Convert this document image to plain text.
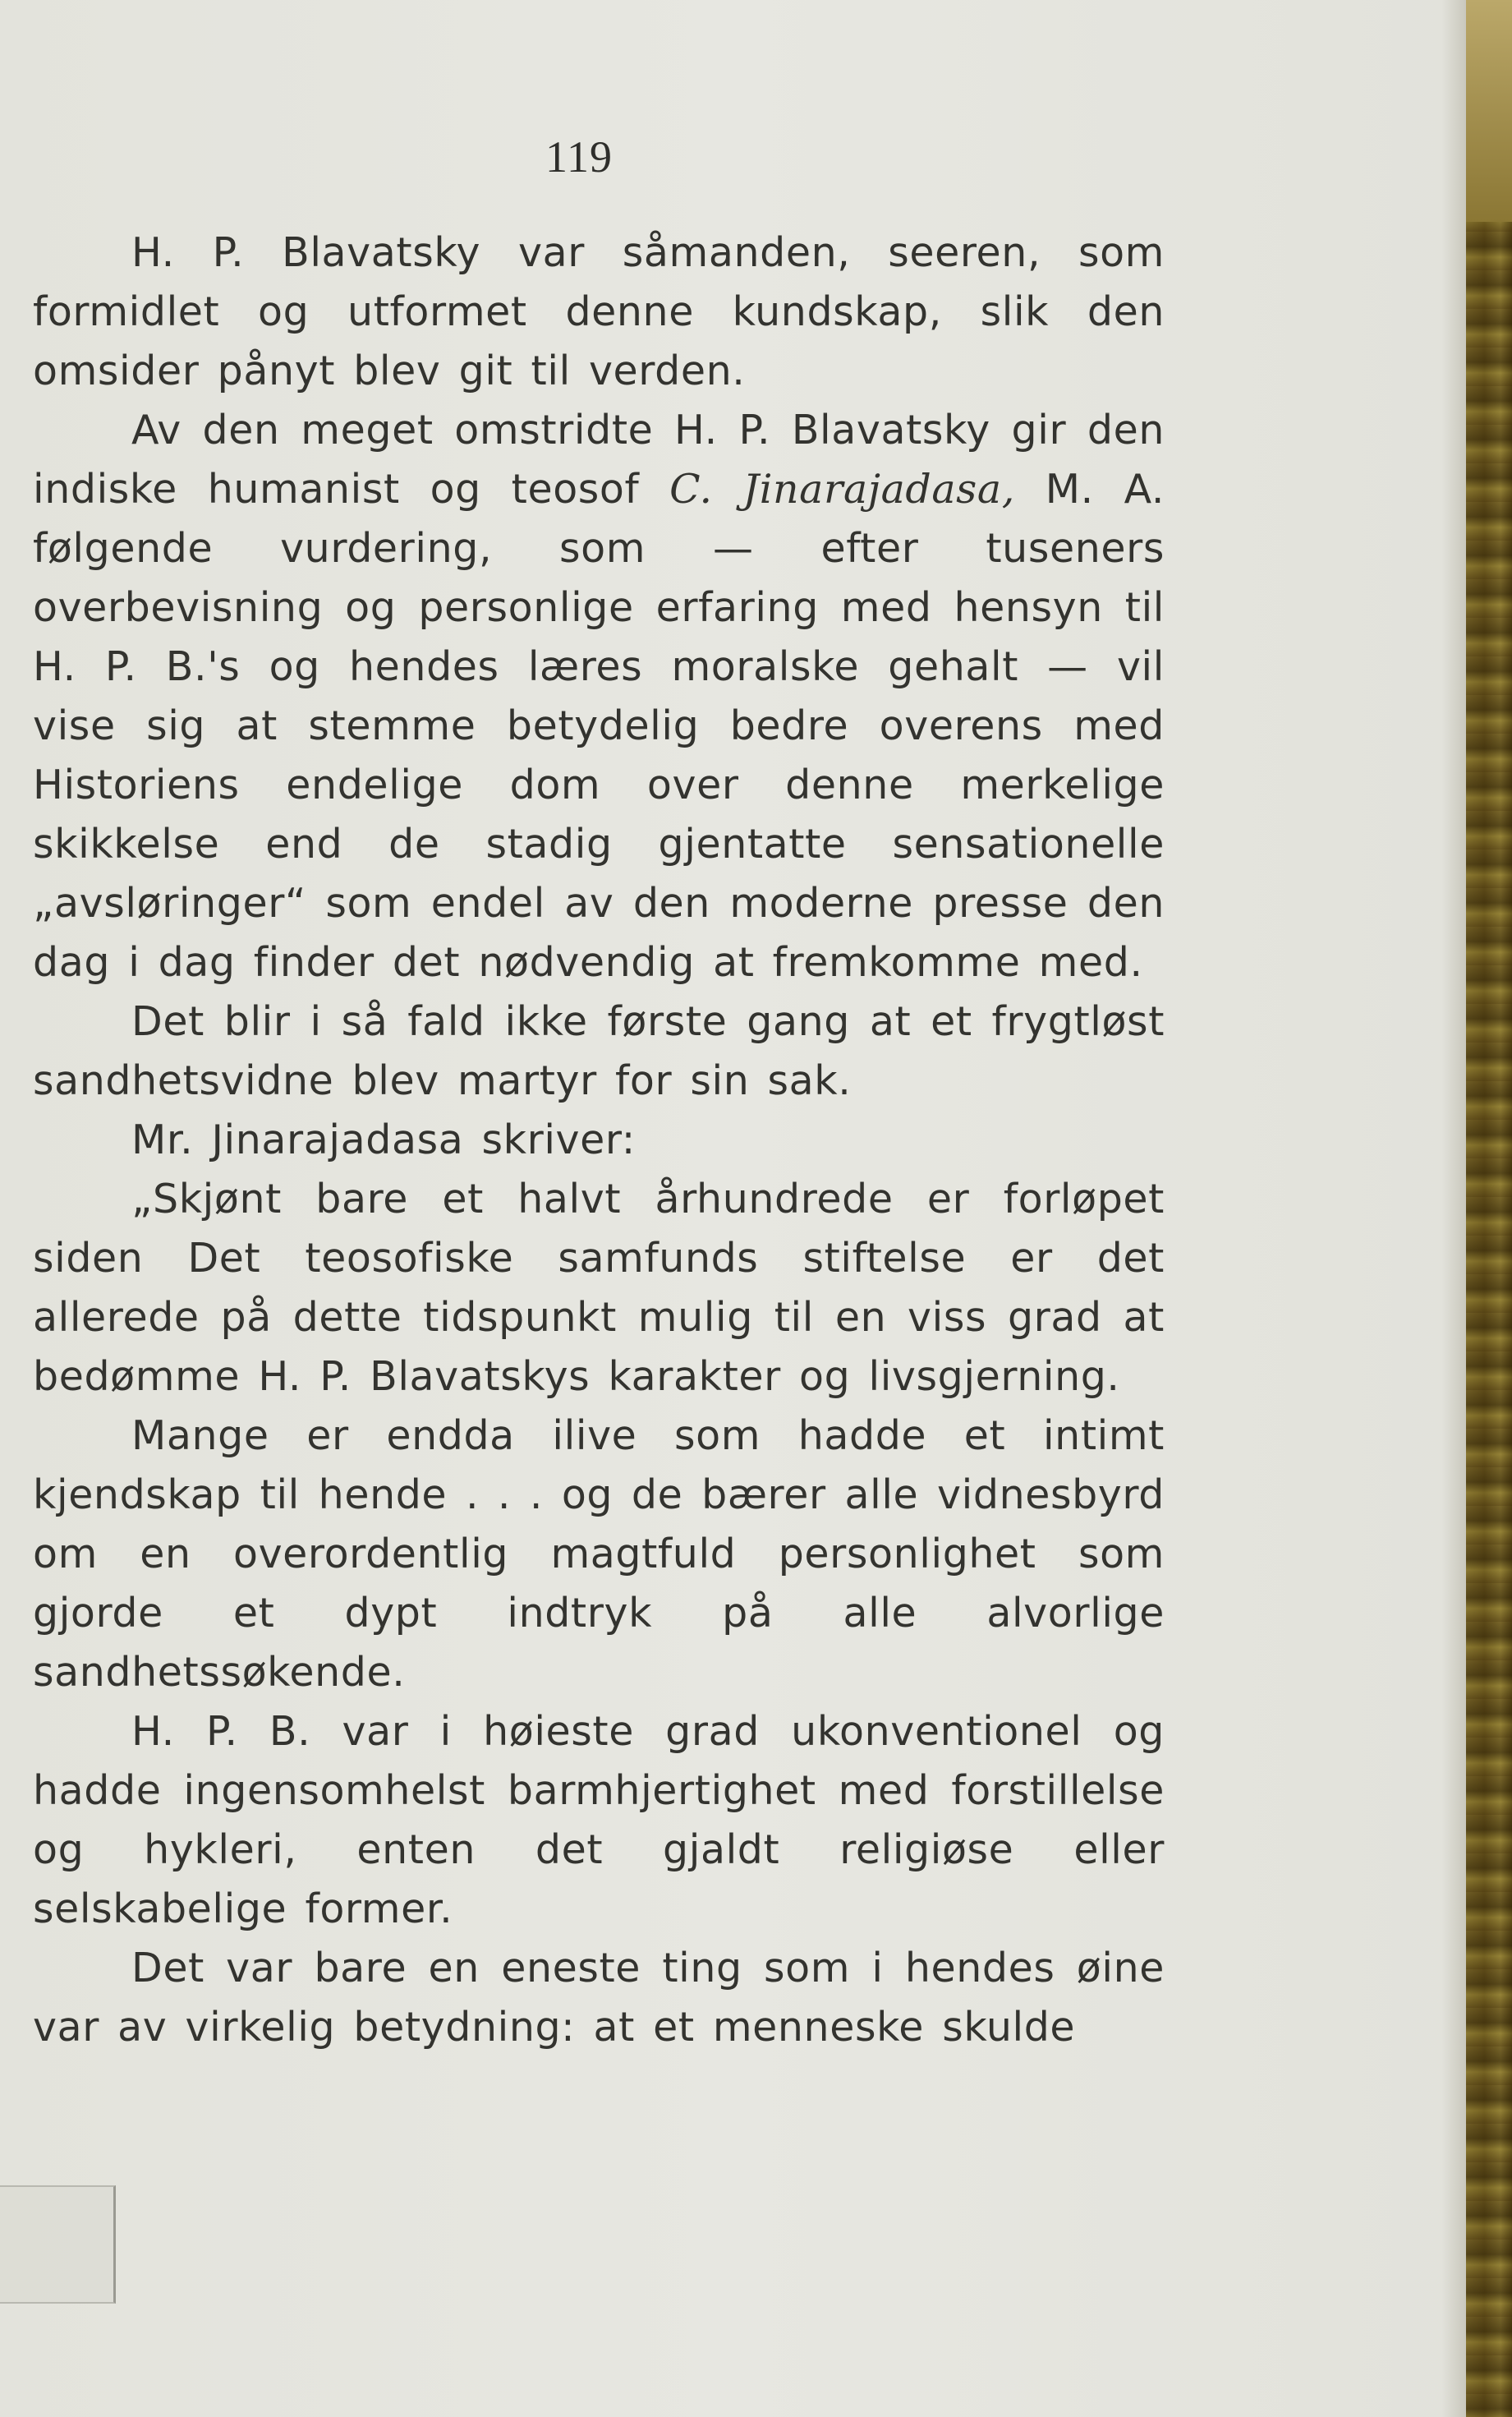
119

H. P. Blavatsky var såmanden, seeren, som formidlet og utformet denne kundskap, slik den omsider pånyt blev git til verden.

Av den meget omstridte H. P. Blavatsky gir den indiske humanist og teosof C. Jinarajadasa, M. A. følgende vurdering, som — efter tuseners overbevisning og personlige erfaring med hensyn til H. P. B.'s og hendes læres moralske gehalt — vil vise sig at stemme betydelig bedre overens med Historiens endelige dom over denne merkelige skikkelse end de stadig gjentatte sensationelle „avsløringer“ som endel av den moderne presse den dag i dag finder det nødvendig at fremkomme med.

Det blir i så fald ikke første gang at et frygtløst sandhetsvidne blev martyr for sin sak.

Mr. Jinarajadasa skriver:

„Skjønt bare et halvt århundrede er forløpet siden Det teosofiske samfunds stiftelse er det allerede på dette tidspunkt mulig til en viss grad at bedømme H. P. Blavatskys karakter og livsgjerning.

Mange er endda ilive som hadde et intimt kjendskap til hende . . . og de bærer alle vidnesbyrd om en overordentlig magtfuld personlighet som gjorde et dypt indtryk på alle alvorlige sandhetssøkende.

H. P. B. var i høieste grad ukonventionel og hadde ingensomhelst barmhjertighet med forstillelse og hykleri, enten det gjaldt religiøse eller selskabelige former.

Det var bare en eneste ting som i hendes øine var av virkelig betydning: at et menneske skulde
